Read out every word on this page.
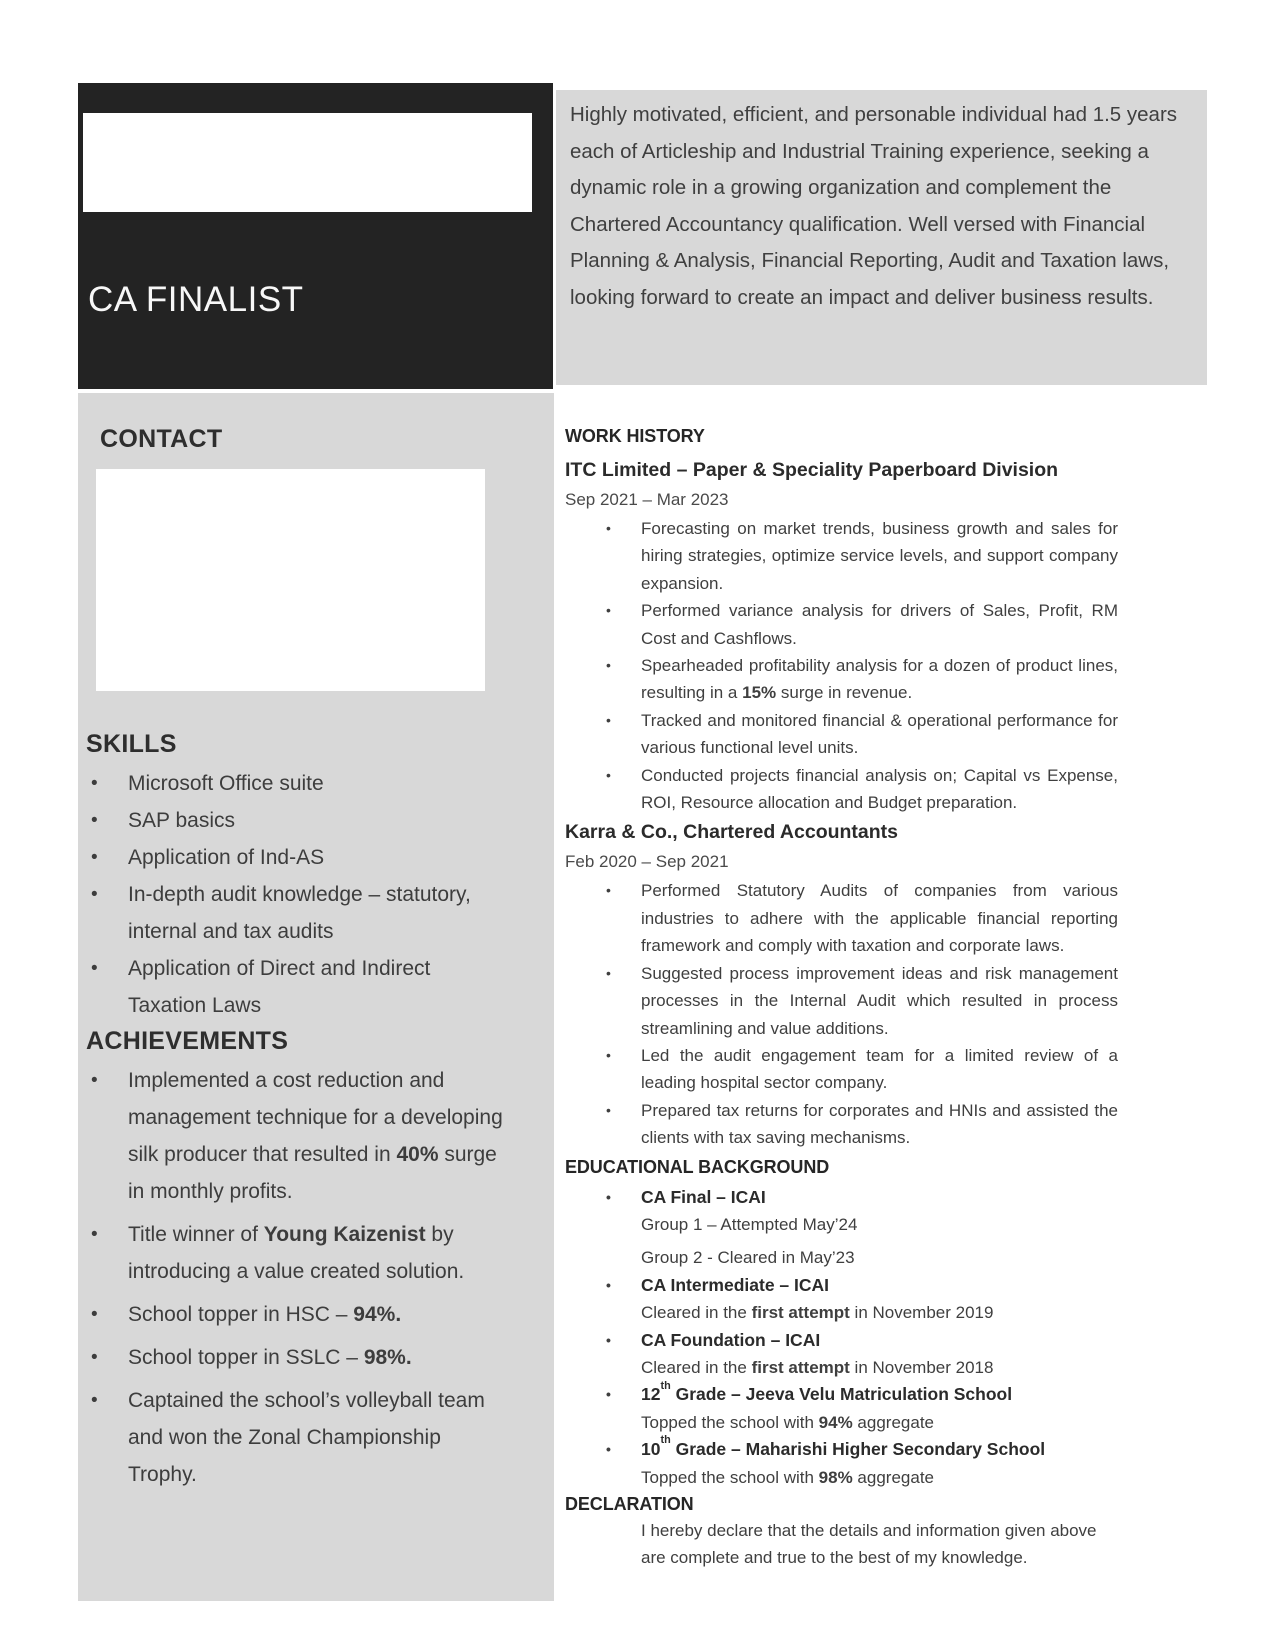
CA FINALIST

Highly motivated, efficient, and personable individual had 1.5 years each of Articleship and Industrial Training experience, seeking a dynamic role in a growing organization and complement the Chartered Accountancy qualification. Well versed with Financial Planning & Analysis, Financial Reporting, Audit and Taxation laws, looking forward to create an impact and deliver business results.

CONTACT
SKILLS
•	Microsoft Office suite
•	SAP basics
•	Application of Ind-AS
•	In-depth audit knowledge – statutory, internal and tax audits
•	Application of Direct and Indirect Taxation Laws
ACHIEVEMENTS
•	Implemented a cost reduction and management technique for a developing silk producer that resulted in 40% surge in monthly profits.
•	Title winner of Young Kaizenist by introducing a value created solution.
•	School topper in HSC – 94%.
•	School topper in SSLC – 98%.
•	Captained the school’s volleyball team and won the Zonal Championship Trophy.
WORK HISTORY
ITC Limited – Paper & Speciality Paperboard Division
Sep 2021 – Mar 2023
•	Forecasting on market trends, business growth and sales for hiring strategies, optimize service levels, and support company expansion.
•	Performed variance analysis for drivers of Sales, Profit, RM Cost and Cashflows.
•	Spearheaded profitability analysis for a dozen of product lines, resulting in a 15% surge in revenue.
•	Tracked and monitored financial & operational performance for various functional level units.
•	Conducted projects financial analysis on; Capital vs Expense, ROI, Resource allocation and Budget preparation.
Karra & Co., Chartered Accountants
Feb 2020 – Sep 2021
•	Performed Statutory Audits of companies from various industries to adhere with the applicable financial reporting framework and comply with taxation and corporate laws.
•	Suggested process improvement ideas and risk management processes in the Internal Audit which resulted in process streamlining and value additions.
•	Led the audit engagement team for a limited review of a leading hospital sector company.
•	Prepared tax returns for corporates and HNIs and assisted the clients with tax saving mechanisms.
EDUCATIONAL BACKGROUND
•	CA Final – ICAI
Group 1 – Attempted May’24
Group 2 - Cleared in May’23
•	CA Intermediate – ICAI
Cleared in the first attempt in November 2019
•	CA Foundation – ICAI
Cleared in the first attempt in November 2018
•	12th Grade – Jeeva Velu Matriculation School
Topped the school with 94% aggregate
•	10th Grade – Maharishi Higher Secondary School
Topped the school with 98% aggregate
DECLARATION

I hereby declare that the details and information given above are complete and true to the best of my knowledge.
